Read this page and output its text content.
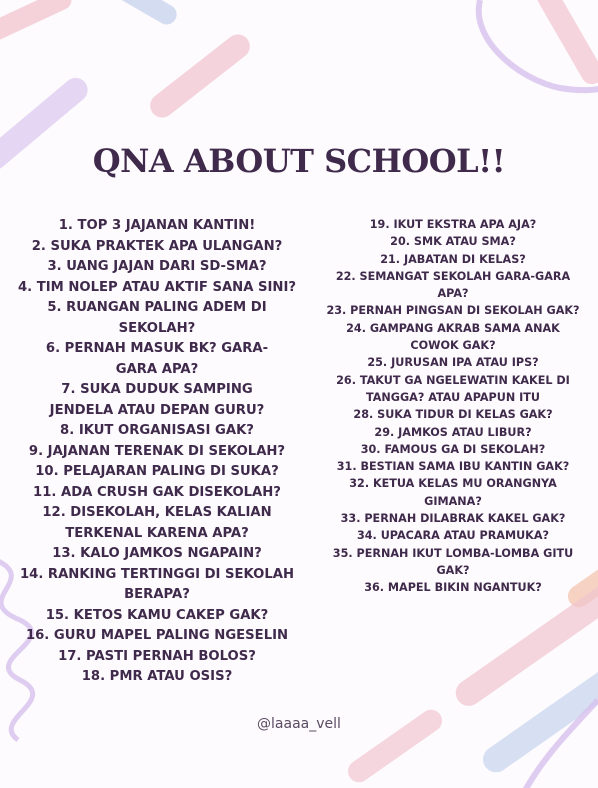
QNA ABOUT SCHOOL!!
1. TOP 3 JAJANAN KANTIN!
2. SUKA PRAKTEK APA ULANGAN?
3. UANG JAJAN DARI SD-SMA?
4. TIM NOLEP ATAU AKTIF SANA SINI?
5. RUANGAN PALING ADEM DI SEKOLAH?
6. PERNAH MASUK BK? GARA-GARA APA?
7. SUKA DUDUK SAMPING JENDELA ATAU DEPAN GURU?
8. IKUT ORGANISASI GAK?
9. JAJANAN TERENAK DI SEKOLAH?
10. PELAJARAN PALING DI SUKA?
11. ADA CRUSH GAK DISEKOLAH?
12. DISEKOLAH, KELAS KALIAN TERKENAL KARENA APA?
13. KALO JAMKOS NGAPAIN?
14. RANKING TERTINGGI DI SEKOLAH BERAPA?
15. KETOS KAMU CAKEP GAK?
16. GURU MAPEL PALING NGESELIN
17. PASTI PERNAH BOLOS?
18. PMR ATAU OSIS?
19. IKUT EKSTRA APA AJA?
20. SMK ATAU SMA?
21. JABATAN DI KELAS?
22. SEMANGAT SEKOLAH GARA-GARA APA?
23. PERNAH PINGSAN DI SEKOLAH GAK?
24. GAMPANG AKRAB SAMA ANAK COWOK GAK?
25. JURUSAN IPA ATAU IPS?
26. TAKUT GA NGELEWATIN KAKEL DI TANGGA? ATAU APAPUN ITU
28. SUKA TIDUR DI KELAS GAK?
29. JAMKOS ATAU LIBUR?
30. FAMOUS GA DI SEKOLAH?
31. BESTIAN SAMA IBU KANTIN GAK?
32. KETUA KELAS MU ORANGNYA GIMANA?
33. PERNAH DILABRAK KAKEL GAK?
34. UPACARA ATAU PRAMUKA?
35. PERNAH IKUT LOMBA-LOMBA GITU GAK?
36. MAPEL BIKIN NGANTUK?
@laaaa_vell
